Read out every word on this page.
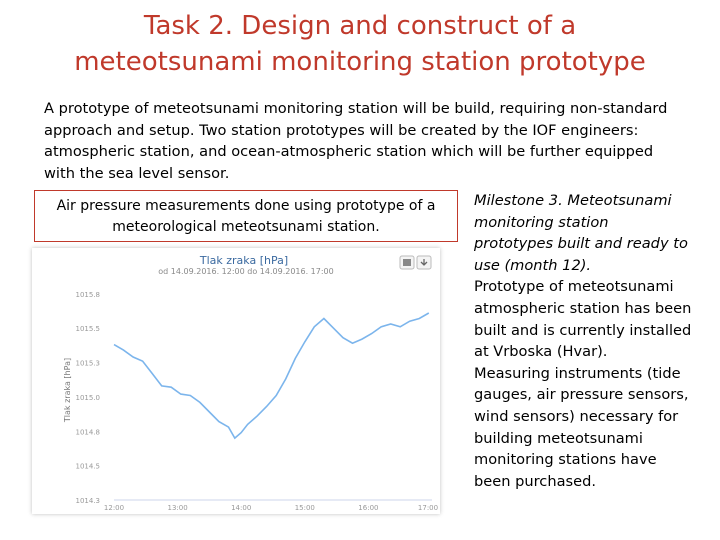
Task 2. Design and construct of a
meteotsunami monitoring station prototype
A prototype of meteotsunami monitoring station will be build, requiring non-standard
approach and setup. Two station prototypes will be created by the IOF engineers:
atmospheric station, and ocean-atmospheric station which will be further equipped
with the sea level sensor.
Air pressure measurements done using prototype of a
meteorological meteotsunami station.
Tlak zraka [hPa]
od 14.09.2016. 12:00 do 14.09.2016. 17:00
Tlak zraka [hPa]
1015.8
1015.5
1015.3
1015.0
1014.8
1014.5
1014.3
12:00	13:00	14:00	15:00	16:00	17:00
Milestone 3. Meteotsunami
monitoring station
prototypes built and ready to
use (month 12).
Prototype of meteotsunami
atmospheric station has been
built and is currently installed
at Vrboska (Hvar).
Measuring instruments (tide
gauges, air pressure sensors,
wind sensors) necessary for
building meteotsunami
monitoring stations have
been purchased.
